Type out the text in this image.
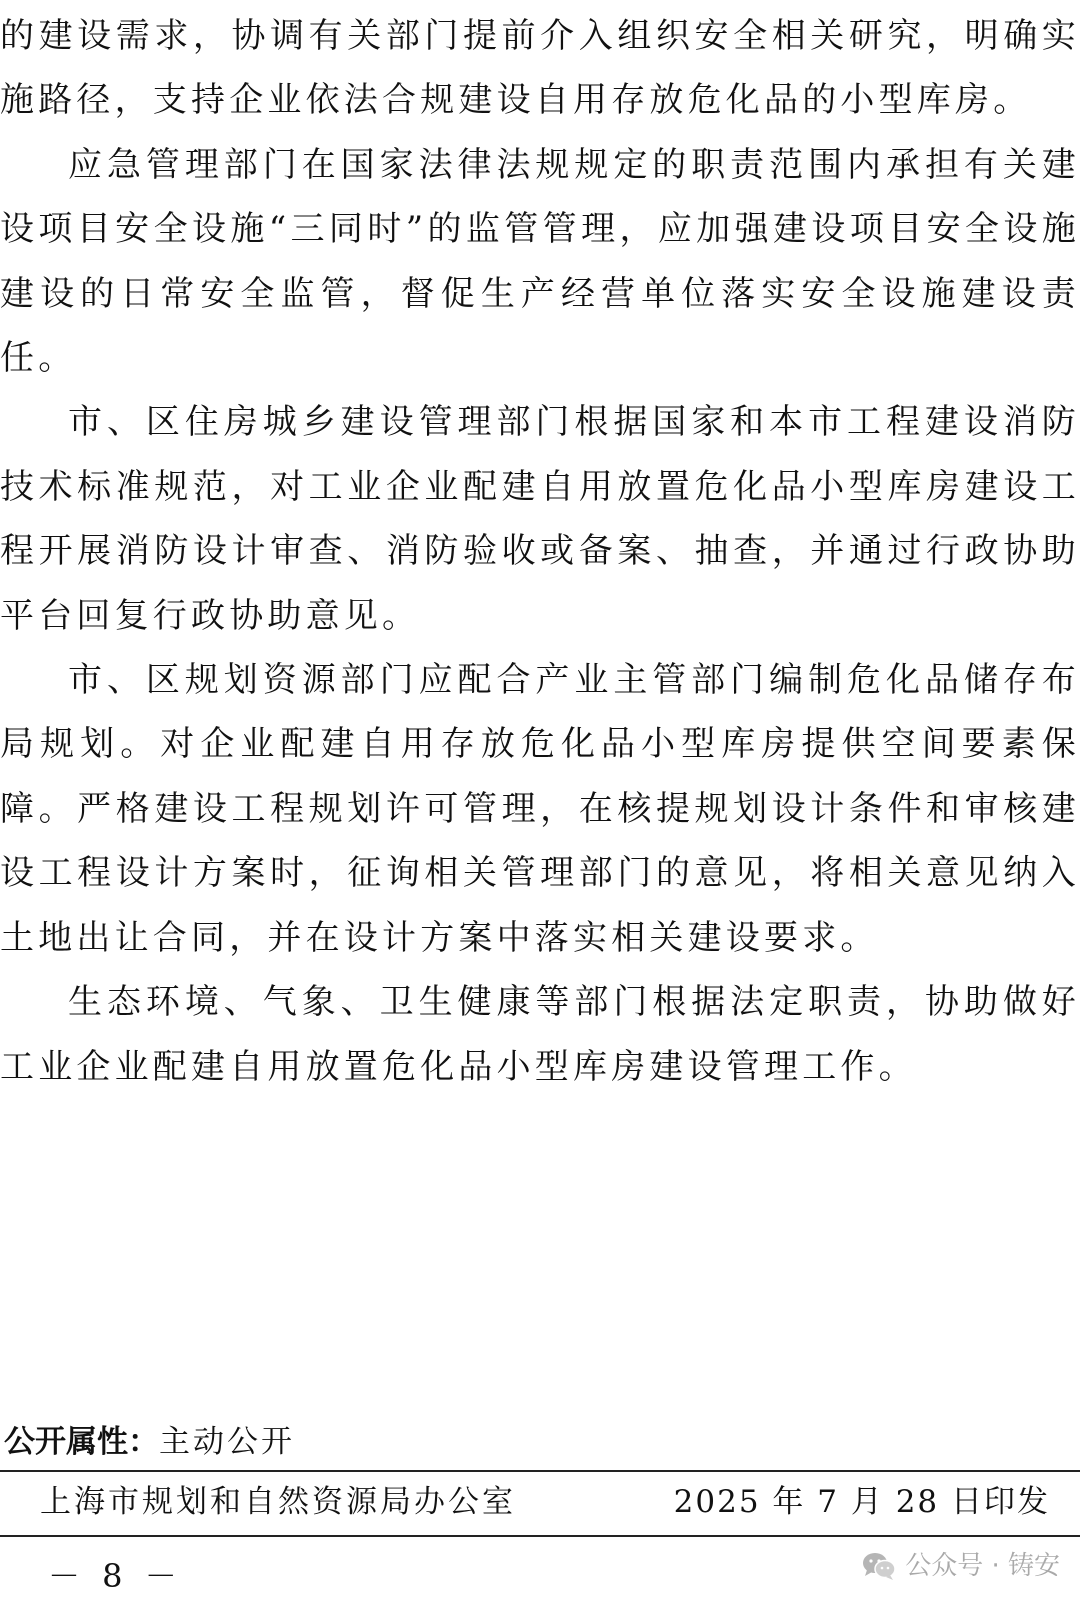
的建设需求，协调有关部门提前介入组织安全相关研究，明确实施路径，支持企业依法合规建设自用存放危化品的小型库房。

应急管理部门在国家法律法规规定的职责范围内承担有关建设项目安全设施“三同时”的监管管理，应加强建设项目安全设施建设的日常安全监管，督促生产经营单位落实安全设施建设责任。

市、区住房城乡建设管理部门根据国家和本市工程建设消防技术标准规范，对工业企业配建自用放置危化品小型库房建设工程开展消防设计审查、消防验收或备案、抽查，并通过行政协助平台回复行政协助意见。

市、区规划资源部门应配合产业主管部门编制危化品储存布局规划。对企业配建自用存放危化品小型库房提供空间要素保障。严格建设工程规划许可管理，在核提规划设计条件和审核建设工程设计方案时，征询相关管理部门的意见，将相关意见纳入土地出让合同，并在设计方案中落实相关建设要求。

生态环境、气象、卫生健康等部门根据法定职责，协助做好工业企业配建自用放置危化品小型库房建设管理工作。

公开属性：主动公开
上海市规划和自然资源局办公室	2025 年 7 月 28 日印发
－ 8 －	公众号 · 铸安
